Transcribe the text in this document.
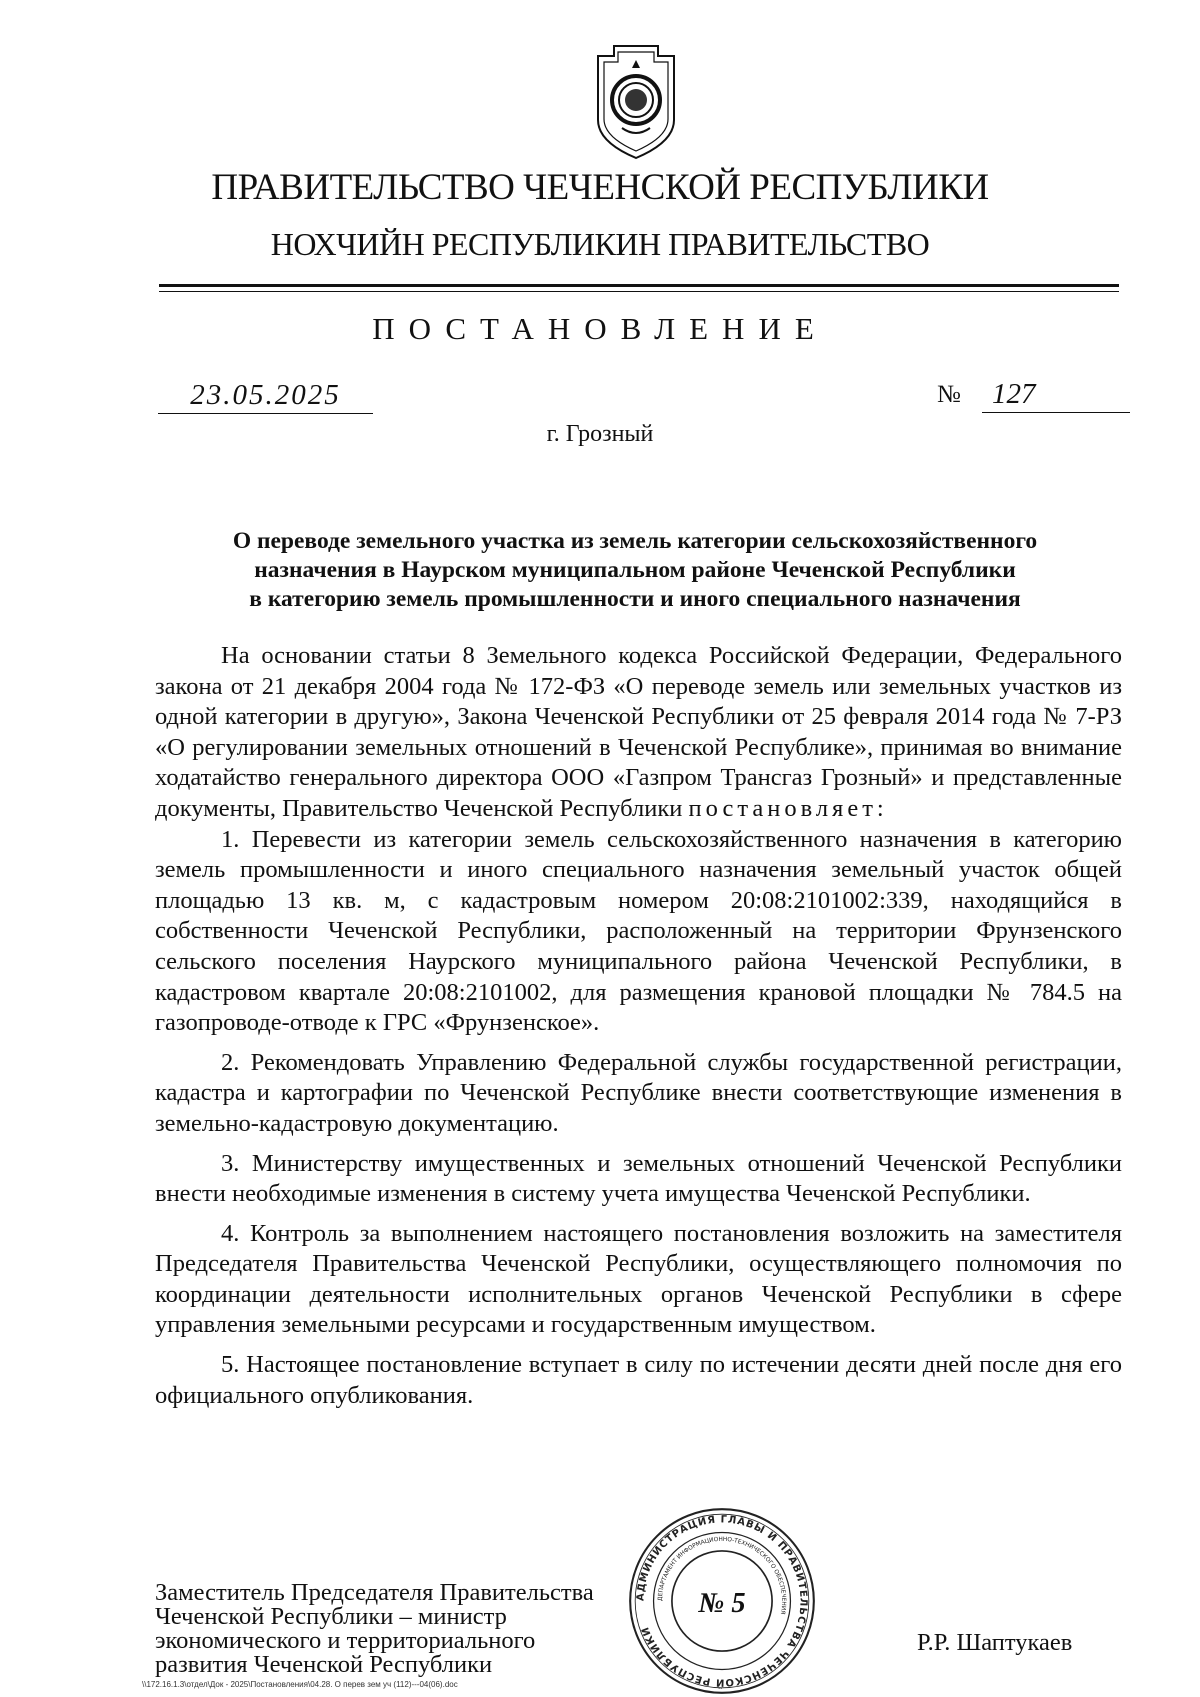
ПРАВИТЕЛЬСТВО ЧЕЧЕНСКОЙ РЕСПУБЛИКИ
НОХЧИЙН РЕСПУБЛИКИН ПРАВИТЕЛЬСТВО
ПОСТАНОВЛЕНИЕ
23.05.2025	№	127
г. Грозный
О переводе земельного участка из земель категории сельскохозяйственного
назначения в Наурском муниципальном районе Чеченской Республики
в категорию земель промышленности и иного специального назначения

На основании статьи 8 Земельного кодекса Российской Федерации, Федерального закона от 21 декабря 2004 года № 172-ФЗ «О переводе земель или земельных участков из одной категории в другую», Закона Чеченской Республики от 25 февраля 2014 года № 7-РЗ «О регулировании земельных отношений в Чеченской Республике», принимая во внимание ходатайство генерального директора ООО «Газпром Трансгаз Грозный» и представленные документы, Правительство Чеченской Республики постановляет:

1. Перевести из категории земель сельскохозяйственного назначения в категорию земель промышленности и иного специального назначения земельный участок общей площадью 13 кв. м, с кадастровым номером 20:08:2101002:339, находящийся в собственности Чеченской Республики, расположенный на территории Фрунзенского сельского поселения Наурского муниципального района Чеченской Республики, в кадастровом квартале 20:08:2101002, для размещения крановой площадки № 784.5 на газопроводе-отводе к ГРС «Фрунзенское».

2. Рекомендовать Управлению Федеральной службы государственной регистрации, кадастра и картографии по Чеченской Республике внести соответствующие изменения в земельно-кадастровую документацию.

3. Министерству имущественных и земельных отношений Чеченской Республики внести необходимые изменения в систему учета имущества Чеченской Республики.

4. Контроль за выполнением настоящего постановления возложить на заместителя Председателя Правительства Чеченской Республики, осуществляющего полномочия по координации деятельности исполнительных органов Чеченской Республики в сфере управления земельными ресурсами и государственным имуществом.

5. Настоящее постановление вступает в силу по истечении десяти дней после дня его официального опубликования.

Заместитель Председателя Правительства
Чеченской Республики – министр
экономического и территориального
развития Чеченской Республики
АДМИНИСТРАЦИЯ ГЛАВЫ И ПРАВИТЕЛЬСТВА ЧЕЧЕНСКОЙ РЕСПУБЛИКИ
ДЕПАРТАМЕНТ ИНФОРМАЦИОННО-ТЕХНИЧЕСКОГО ОБЕСПЕЧЕНИЯ
№ 5
Р.Р. Шаптукаев
\\172.16.1.3\отдел\Док - 2025\Постановления\04.28. О перев зем уч (112)---04(06).doc
